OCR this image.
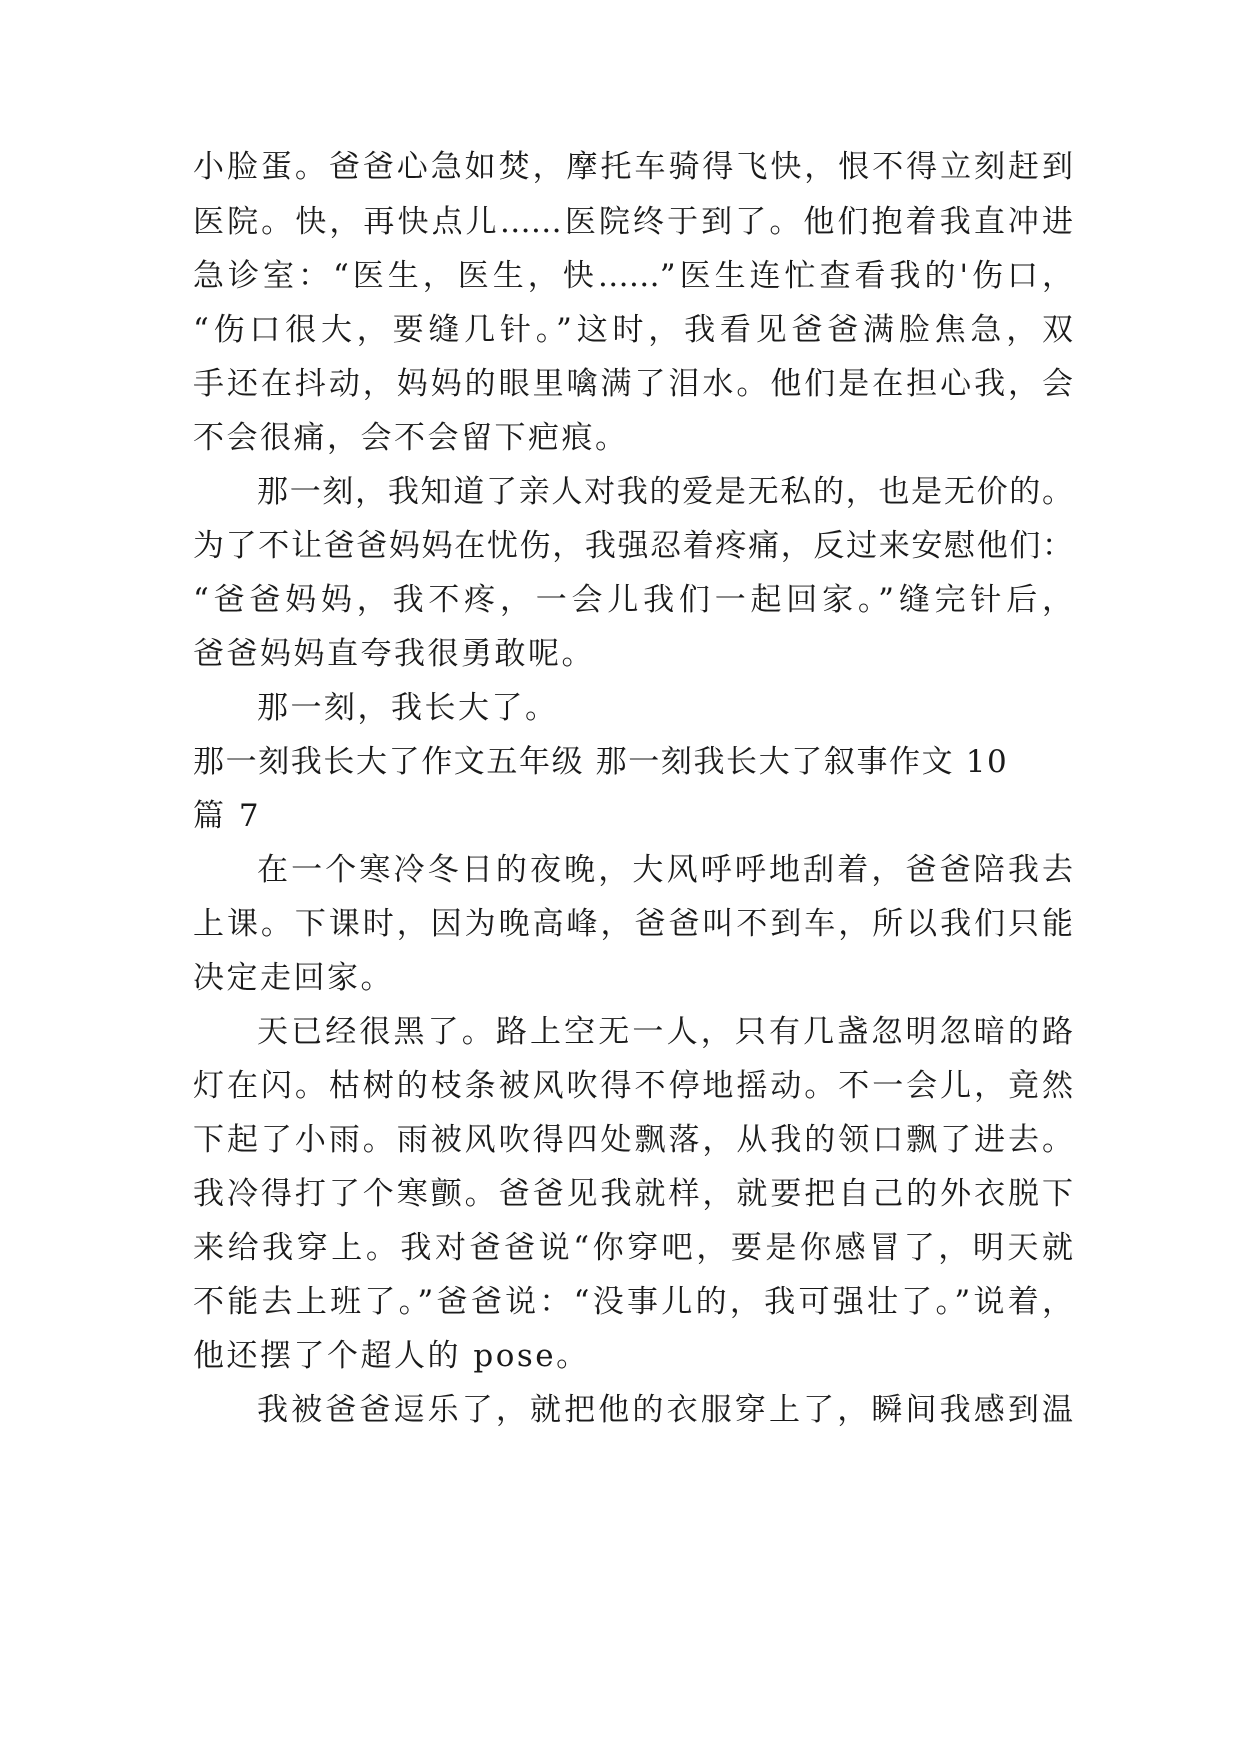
小脸蛋。爸爸心急如焚，摩托车骑得飞快，恨不得立刻赶到
医院。快，再快点儿……医院终于到了。他们抱着我直冲进
急诊室：“医生，医生，快……”医生连忙查看我的'伤口，
“伤口很大，要缝几针。”这时，我看见爸爸满脸焦急，双
手还在抖动，妈妈的眼里噙满了泪水。他们是在担心我，会
不会很痛，会不会留下疤痕。
那一刻，我知道了亲人对我的爱是无私的，也是无价的。
为了不让爸爸妈妈在忧伤，我强忍着疼痛，反过来安慰他们：
“爸爸妈妈，我不疼，一会儿我们一起回家。”缝完针后，
爸爸妈妈直夸我很勇敢呢。
那一刻，我长大了。
那一刻我长大了作文五年级 那一刻我长大了叙事作文 10
篇 7
在一个寒冷冬日的夜晚，大风呼呼地刮着，爸爸陪我去
上课。下课时，因为晚高峰，爸爸叫不到车，所以我们只能
决定走回家。
天已经很黑了。路上空无一人，只有几盏忽明忽暗的路
灯在闪。枯树的枝条被风吹得不停地摇动。不一会儿，竟然
下起了小雨。雨被风吹得四处飘落，从我的领口飘了进去。
我冷得打了个寒颤。爸爸见我就样，就要把自己的外衣脱下
来给我穿上。我对爸爸说“你穿吧，要是你感冒了，明天就
不能去上班了。”爸爸说：“没事儿的，我可强壮了。”说着，
他还摆了个超人的 pose。
我被爸爸逗乐了，就把他的衣服穿上了，瞬间我感到温
